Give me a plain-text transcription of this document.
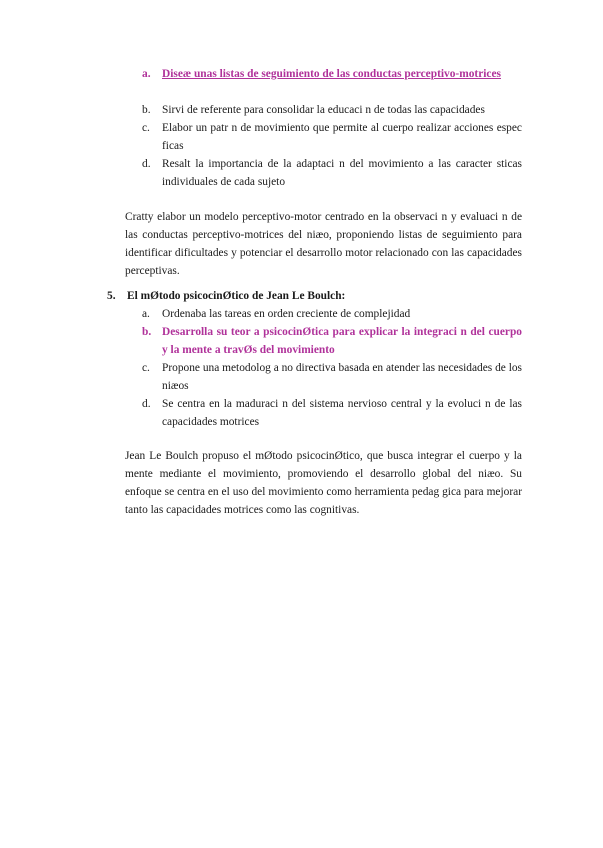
a. Diseæ unas listas de seguimiento de las conductas perceptivo-motrices
b. Sirvi de referente para consolidar la educaci n de todas las capacidades
c. Elabor un patr n de movimiento que permite al cuerpo realizar acciones espec ficas
d. Resalt la importancia de la adaptaci n del movimiento a las caracter sticas individuales de cada sujeto
Cratty elabor un modelo perceptivo-motor centrado en la observaci n y evaluaci n de las conductas perceptivo-motrices del niæo, proponiendo listas de seguimiento para identificar dificultades y potenciar el desarrollo motor relacionado con las capacidades perceptivas.
5. El mØtodo psicocinØtico de Jean Le Boulch:
a. Ordenaba las tareas en orden creciente de complejidad
b. Desarrolla su teor a psicocinØtica para explicar la integraci n del cuerpo y la mente a travØs del movimiento
c. Propone una metodolog a no directiva basada en atender las necesidades de los niæos
d. Se centra en la maduraci n del sistema nervioso central y la evoluci n de las capacidades motrices
Jean Le Boulch propuso el mØtodo psicocinØtico, que busca integrar el cuerpo y la mente mediante el movimiento, promoviendo el desarrollo global del niæo. Su enfoque se centra en el uso del movimiento como herramienta pedag gica para mejorar tanto las capacidades motrices como las cognitivas.
